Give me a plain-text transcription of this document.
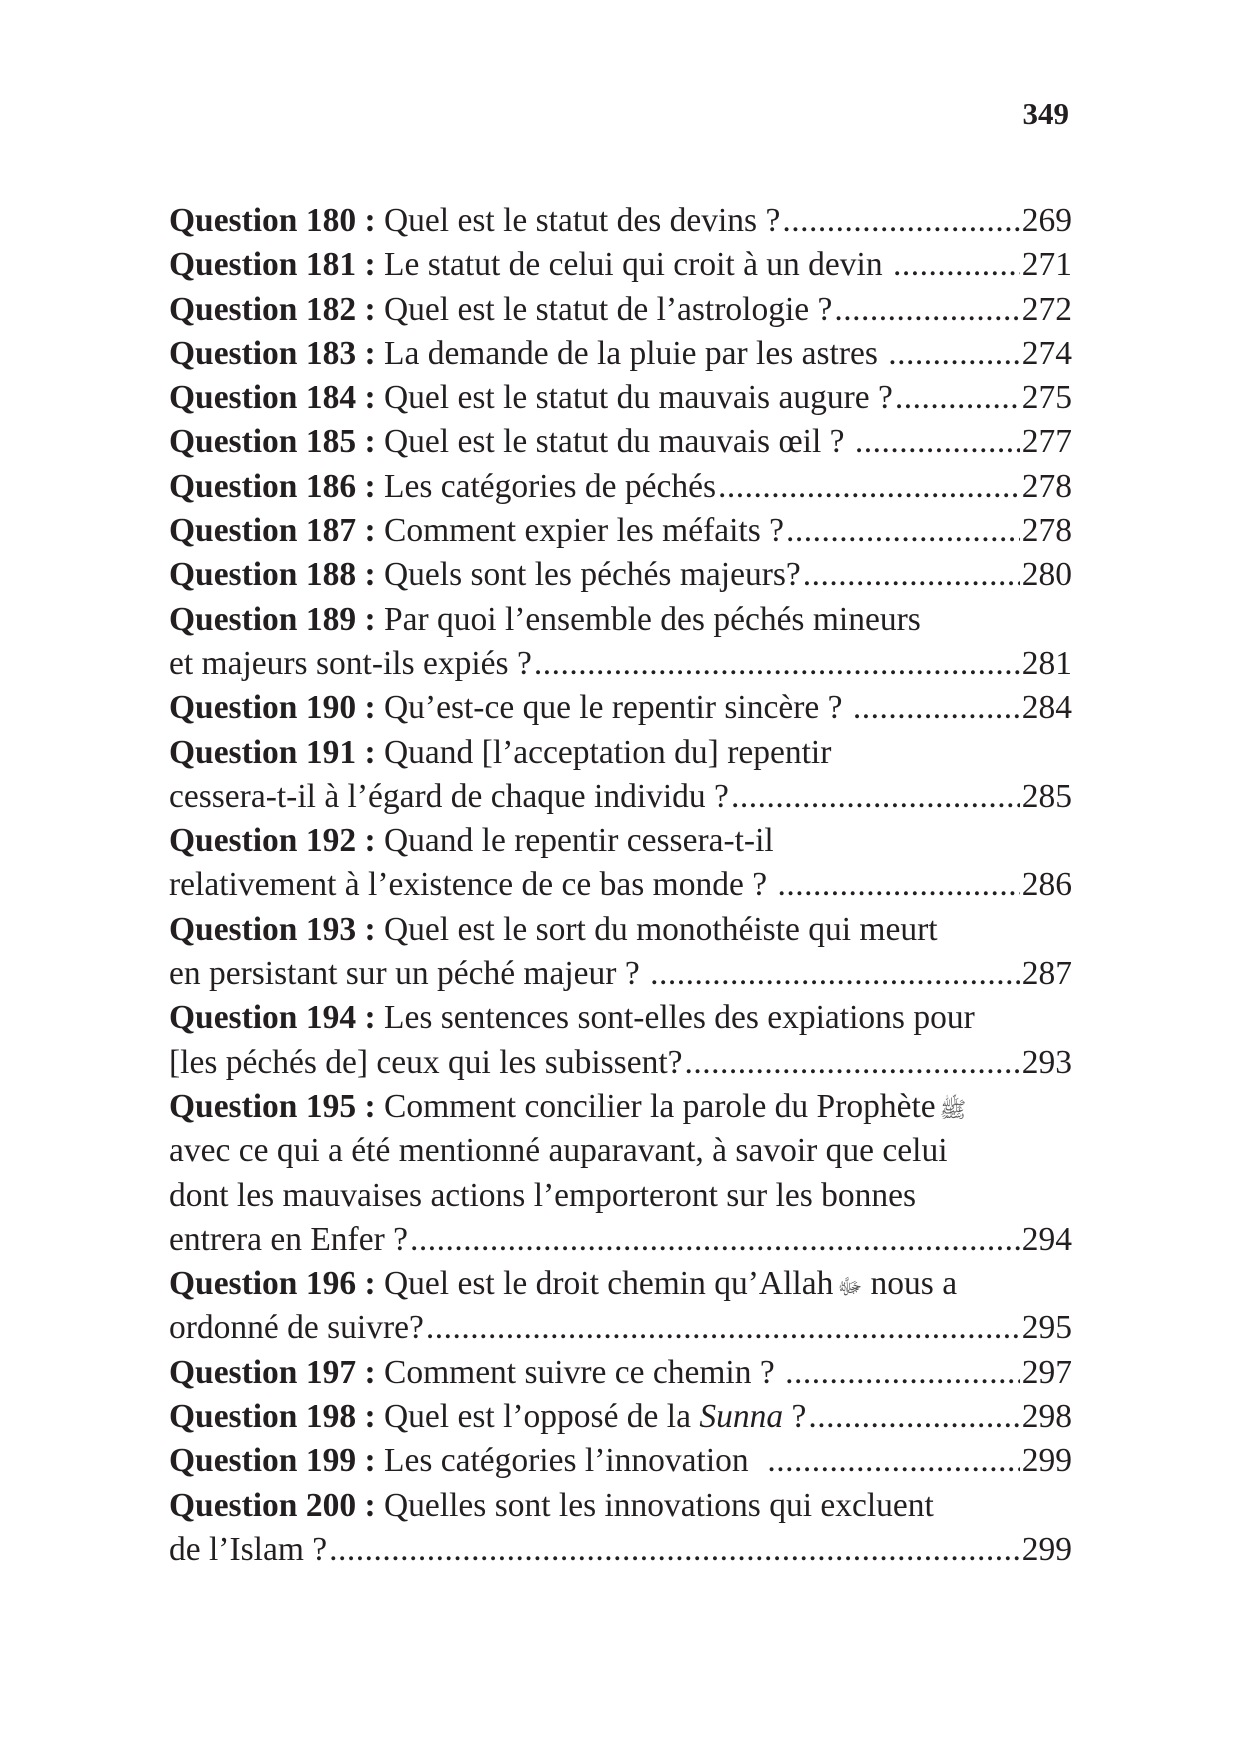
349
Question 180 : Quel est le statut des devins ? .....	269
Question 181 : Le statut de celui qui croit à un devin .....	271
Question 182 : Quel est le statut de l’astrologie ? .....	272
Question 183 : La demande de la pluie par les astres .....	274
Question 184 : Quel est le statut du mauvais augure ? .....	275
Question 185 : Quel est le statut du mauvais œil ? .....	277
Question 186 : Les catégories de péchés .....	278
Question 187 : Comment expier les méfaits ? .....	278
Question 188 : Quels sont les péchés majeurs? .....	280
Question 189 : Par quoi l’ensemble des péchés mineurs
et majeurs sont-ils expiés ? .....	281
Question 190 : Qu’est-ce que le repentir sincère ? .....	284
Question 191 : Quand [l’acceptation du] repentir
cessera-t-il à l’égard de chaque individu ? .....	285
Question 192 : Quand le repentir cessera-t-il
relativement à l’existence de ce bas monde ? .....	286
Question 193 : Quel est le sort du monothéiste qui meurt
en persistant sur un péché majeur ? .....	287
Question 194 : Les sentences sont-elles des expiations pour
[les péchés de] ceux qui les subissent? .....	293
Question 195 : Comment concilier la parole du Prophète ﷺ
avec ce qui a été mentionné auparavant, à savoir que celui
dont les mauvaises actions l’emporteront sur les bonnes
entrera en Enfer ? .....	294
Question 196 : Quel est le droit chemin qu’Allah ﷻ nous a
ordonné de suivre? .....	295
Question 197 : Comment suivre ce chemin ? .....	297
Question 198 : Quel est l’opposé de la Sunna ? .....	298
Question 199 : Les catégories l’innovation .....	299
Question 200 : Quelles sont les innovations qui excluent
de l’Islam ? .....	299
